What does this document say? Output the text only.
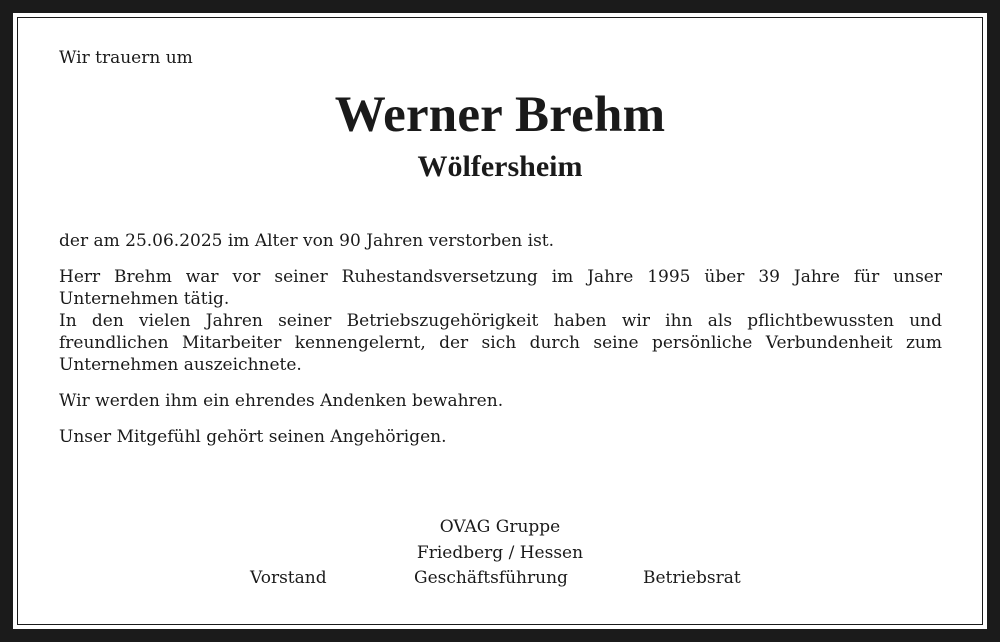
Wir trauern um

Werner Brehm
Wölfersheim

der am 25.06.2025 im Alter von 90 Jahren verstorben ist.

Herr Brehm war vor seiner Ruhestandsversetzung im Jahre 1995 über 39 Jahre für unser Unternehmen tätig.

In den vielen Jahren seiner Betriebszugehörigkeit haben wir ihn als pflichtbewussten und freundlichen Mitarbeiter kennengelernt, der sich durch seine persönliche Verbundenheit zum Unternehmen auszeichnete.

Wir werden ihm ein ehrendes Andenken bewahren.

Unser Mitgefühl gehört seinen Angehörigen.

OVAG Gruppe

Friedberg / Hessen

Vorstand	Geschäftsführung	Betriebsrat
